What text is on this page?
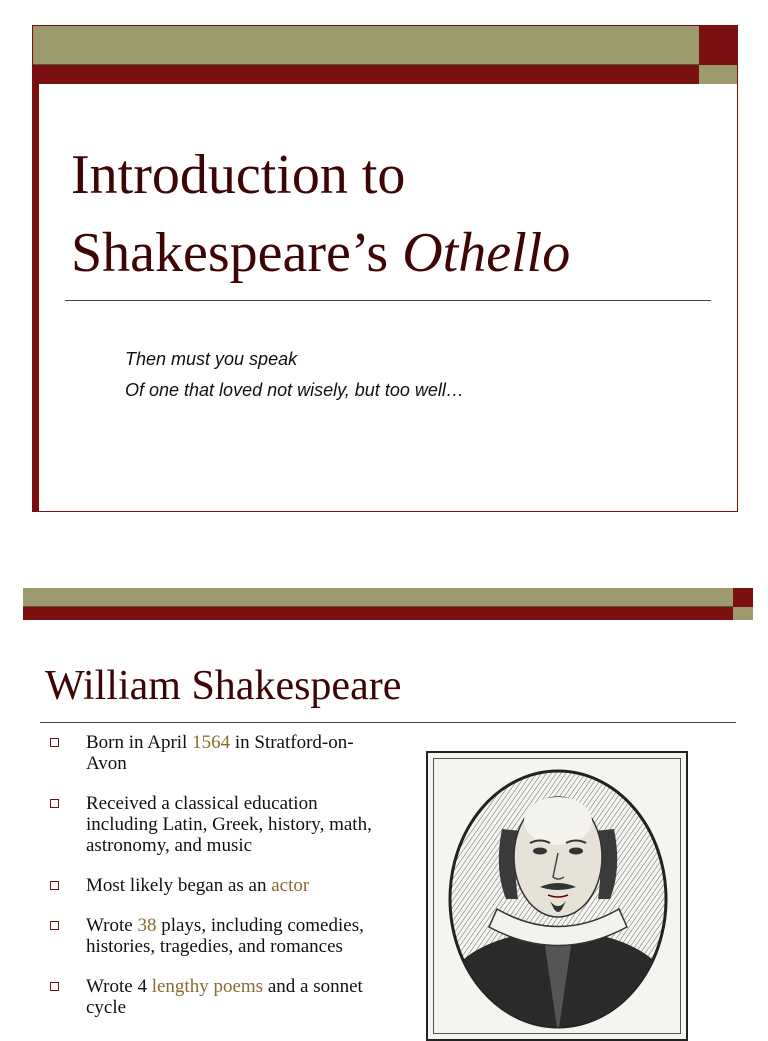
Introduction to
Shakespeare’s Othello
Then must you speak
Of one that loved not wisely, but too well…
William Shakespeare
Born in April 1564 in Stratford-on-Avon
Received a classical education including Latin, Greek, history, math, astronomy, and music
Most likely began as an actor
Wrote 38 plays, including comedies, histories, tragedies, and romances
Wrote 4 lengthy poems and a sonnet cycle
